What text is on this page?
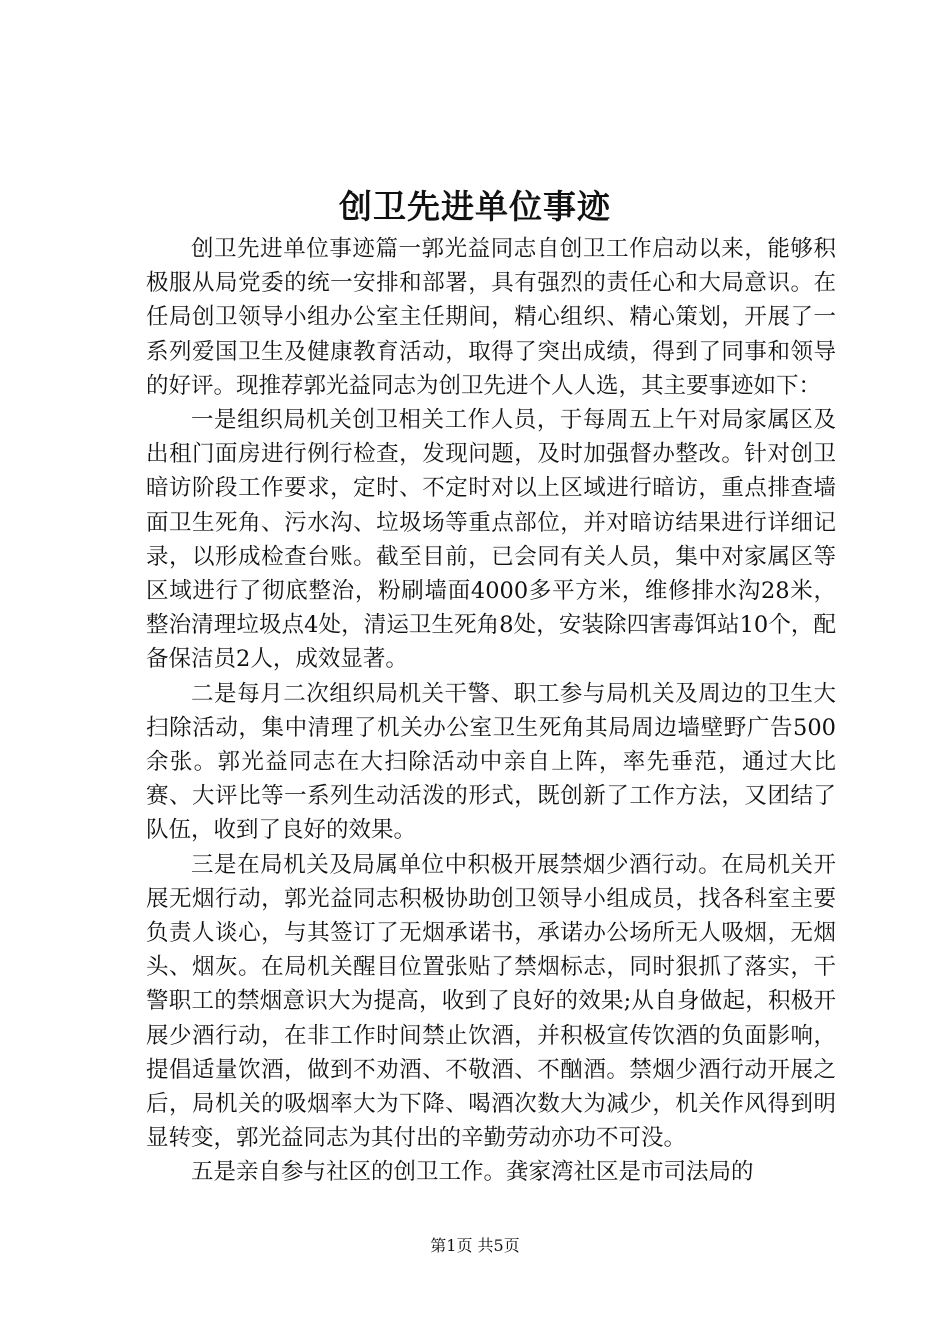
创卫先进单位事迹

创卫先进单位事迹篇一郭光益同志自创卫工作启动以来，能够积极服从局党委的统一安排和部署，具有强烈的责任心和大局意识。在任局创卫领导小组办公室主任期间，精心组织、精心策划，开展了一系列爱国卫生及健康教育活动，取得了突出成绩，得到了同事和领导的好评。现推荐郭光益同志为创卫先进个人人选，其主要事迹如下：

一是组织局机关创卫相关工作人员，于每周五上午对局家属区及出租门面房进行例行检查，发现问题，及时加强督办整改。针对创卫暗访阶段工作要求，定时、不定时对以上区域进行暗访，重点排查墙面卫生死角、污水沟、垃圾场等重点部位，并对暗访结果进行详细记录，以形成检查台账。截至目前，已会同有关人员，集中对家属区等区域进行了彻底整治，粉刷墙面4000多平方米，维修排水沟28米，整治清理垃圾点4处，清运卫生死角8处，安装除四害毒饵站10个，配备保洁员2人，成效显著。

二是每月二次组织局机关干警、职工参与局机关及周边的卫生大扫除活动，集中清理了机关办公室卫生死角其局周边墙壁野广告500余张。郭光益同志在大扫除活动中亲自上阵，率先垂范，通过大比赛、大评比等一系列生动活泼的形式，既创新了工作方法，又团结了队伍，收到了良好的效果。

三是在局机关及局属单位中积极开展禁烟少酒行动。在局机关开展无烟行动，郭光益同志积极协助创卫领导小组成员，找各科室主要负责人谈心，与其签订了无烟承诺书，承诺办公场所无人吸烟，无烟头、烟灰。在局机关醒目位置张贴了禁烟标志，同时狠抓了落实，干警职工的禁烟意识大为提高，收到了良好的效果;从自身做起，积极开展少酒行动，在非工作时间禁止饮酒，并积极宣传饮酒的负面影响，提倡适量饮酒，做到不劝酒、不敬酒、不酗酒。禁烟少酒行动开展之后，局机关的吸烟率大为下降、喝酒次数大为减少，机关作风得到明显转变，郭光益同志为其付出的辛勤劳动亦功不可没。

五是亲自参与社区的创卫工作。龚家湾社区是市司法局的

第1页 共5页
